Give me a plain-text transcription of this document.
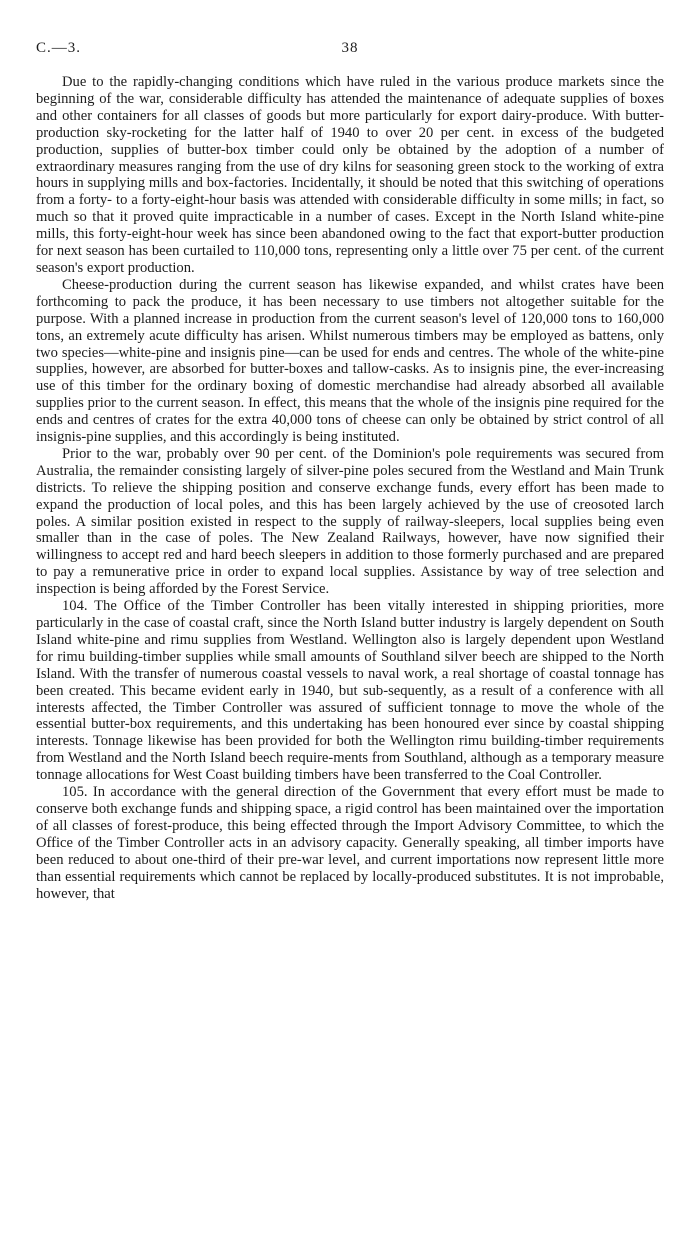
C.—3.	38

Due to the rapidly-changing conditions which have ruled in the various produce markets since the beginning of the war, considerable difficulty has attended the maintenance of adequate supplies of boxes and other containers for all classes of goods but more particularly for export dairy-produce. With butter-production sky-rocketing for the latter half of 1940 to over 20 per cent. in excess of the budgeted production, supplies of butter-box timber could only be obtained by the adoption of a number of extraordinary measures ranging from the use of dry kilns for seasoning green stock to the working of extra hours in supplying mills and box-factories. Incidentally, it should be noted that this switching of operations from a forty- to a forty-eight-hour basis was attended with considerable difficulty in some mills; in fact, so much so that it proved quite impracticable in a number of cases. Except in the North Island white-pine mills, this forty-eight-hour week has since been abandoned owing to the fact that export-butter production for next season has been curtailed to 110,000 tons, representing only a little over 75 per cent. of the current season's export production.

Cheese-production during the current season has likewise expanded, and whilst crates have been forthcoming to pack the produce, it has been necessary to use timbers not altogether suitable for the purpose. With a planned increase in production from the current season's level of 120,000 tons to 160,000 tons, an extremely acute difficulty has arisen. Whilst numerous timbers may be employed as battens, only two species—white-pine and insignis pine—can be used for ends and centres. The whole of the white-pine supplies, however, are absorbed for butter-boxes and tallow-casks. As to insignis pine, the ever-increasing use of this timber for the ordinary boxing of domestic merchandise had already absorbed all available supplies prior to the current season. In effect, this means that the whole of the insignis pine required for the ends and centres of crates for the extra 40,000 tons of cheese can only be obtained by strict control of all insignis-pine supplies, and this accordingly is being instituted.

Prior to the war, probably over 90 per cent. of the Dominion's pole requirements was secured from Australia, the remainder consisting largely of silver-pine poles secured from the Westland and Main Trunk districts. To relieve the shipping position and conserve exchange funds, every effort has been made to expand the production of local poles, and this has been largely achieved by the use of creosoted larch poles. A similar position existed in respect to the supply of railway-sleepers, local supplies being even smaller than in the case of poles. The New Zealand Railways, however, have now signified their willingness to accept red and hard beech sleepers in addition to those formerly purchased and are prepared to pay a remunerative price in order to expand local supplies. Assistance by way of tree selection and inspection is being afforded by the Forest Service.

104. The Office of the Timber Controller has been vitally interested in shipping priorities, more particularly in the case of coastal craft, since the North Island butter industry is largely dependent on South Island white-pine and rimu supplies from Westland. Wellington also is largely dependent upon Westland for rimu building-timber supplies while small amounts of Southland silver beech are shipped to the North Island. With the transfer of numerous coastal vessels to naval work, a real shortage of coastal tonnage has been created. This became evident early in 1940, but sub-sequently, as a result of a conference with all interests affected, the Timber Controller was assured of sufficient tonnage to move the whole of the essential butter-box requirements, and this undertaking has been honoured ever since by coastal shipping interests. Tonnage likewise has been provided for both the Wellington rimu building-timber requirements from Westland and the North Island beech require-ments from Southland, although as a temporary measure tonnage allocations for West Coast building timbers have been transferred to the Coal Controller.

105. In accordance with the general direction of the Government that every effort must be made to conserve both exchange funds and shipping space, a rigid control has been maintained over the importation of all classes of forest-produce, this being effected through the Import Advisory Committee, to which the Office of the Timber Controller acts in an advisory capacity. Generally speaking, all timber imports have been reduced to about one-third of their pre-war level, and current importations now represent little more than essential requirements which cannot be replaced by locally-produced substitutes. It is not improbable, however, that
